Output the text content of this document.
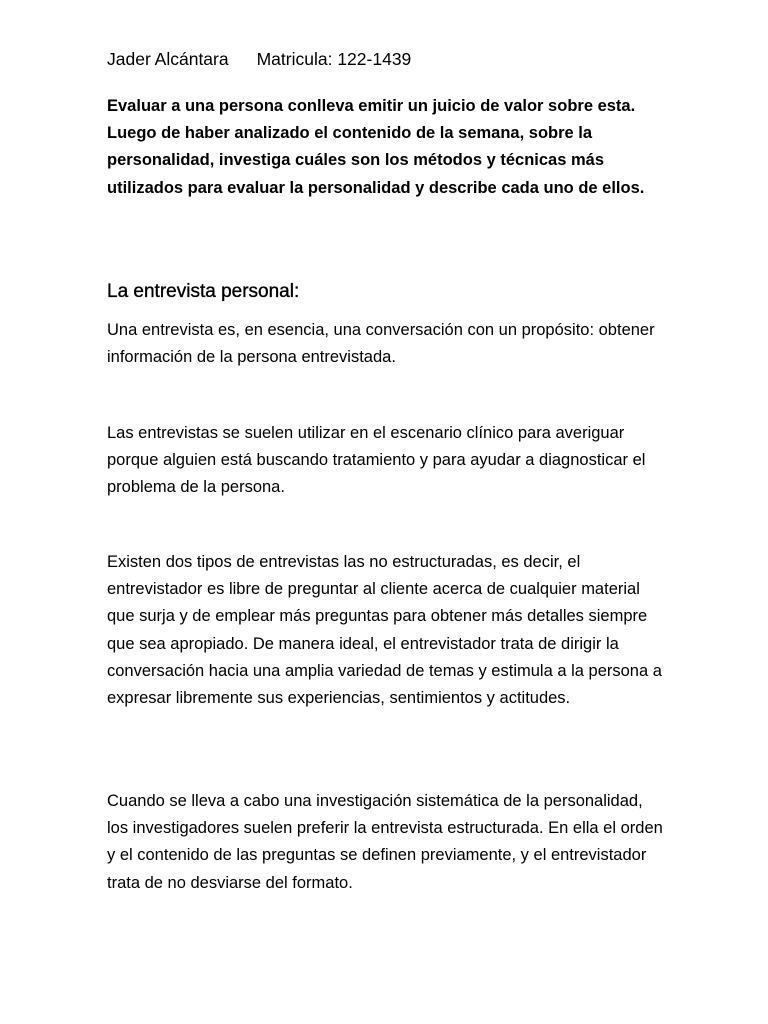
Jader Alcántara Matricula: 122-1439

Evaluar a una persona conlleva emitir un juicio de valor sobre esta. Luego de haber analizado el contenido de la semana, sobre la personalidad, investiga cuáles son los métodos y técnicas más utilizados para evaluar la personalidad y describe cada uno de ellos.

La entrevista personal:

Una entrevista es, en esencia, una conversación con un propósito: obtener información de la persona entrevistada.

Las entrevistas se suelen utilizar en el escenario clínico para averiguar porque alguien está buscando tratamiento y para ayudar a diagnosticar el problema de la persona.

Existen dos tipos de entrevistas las no estructuradas, es decir, el entrevistador es libre de preguntar al cliente acerca de cualquier material que surja y de emplear más preguntas para obtener más detalles siempre que sea apropiado. De manera ideal, el entrevistador trata de dirigir la conversación hacia una amplia variedad de temas y estimula a la persona a expresar libremente sus experiencias, sentimientos y actitudes.

Cuando se lleva a cabo una investigación sistemática de la personalidad, los investigadores suelen preferir la entrevista estructurada. En ella el orden y el contenido de las preguntas se definen previamente, y el entrevistador trata de no desviarse del formato.
